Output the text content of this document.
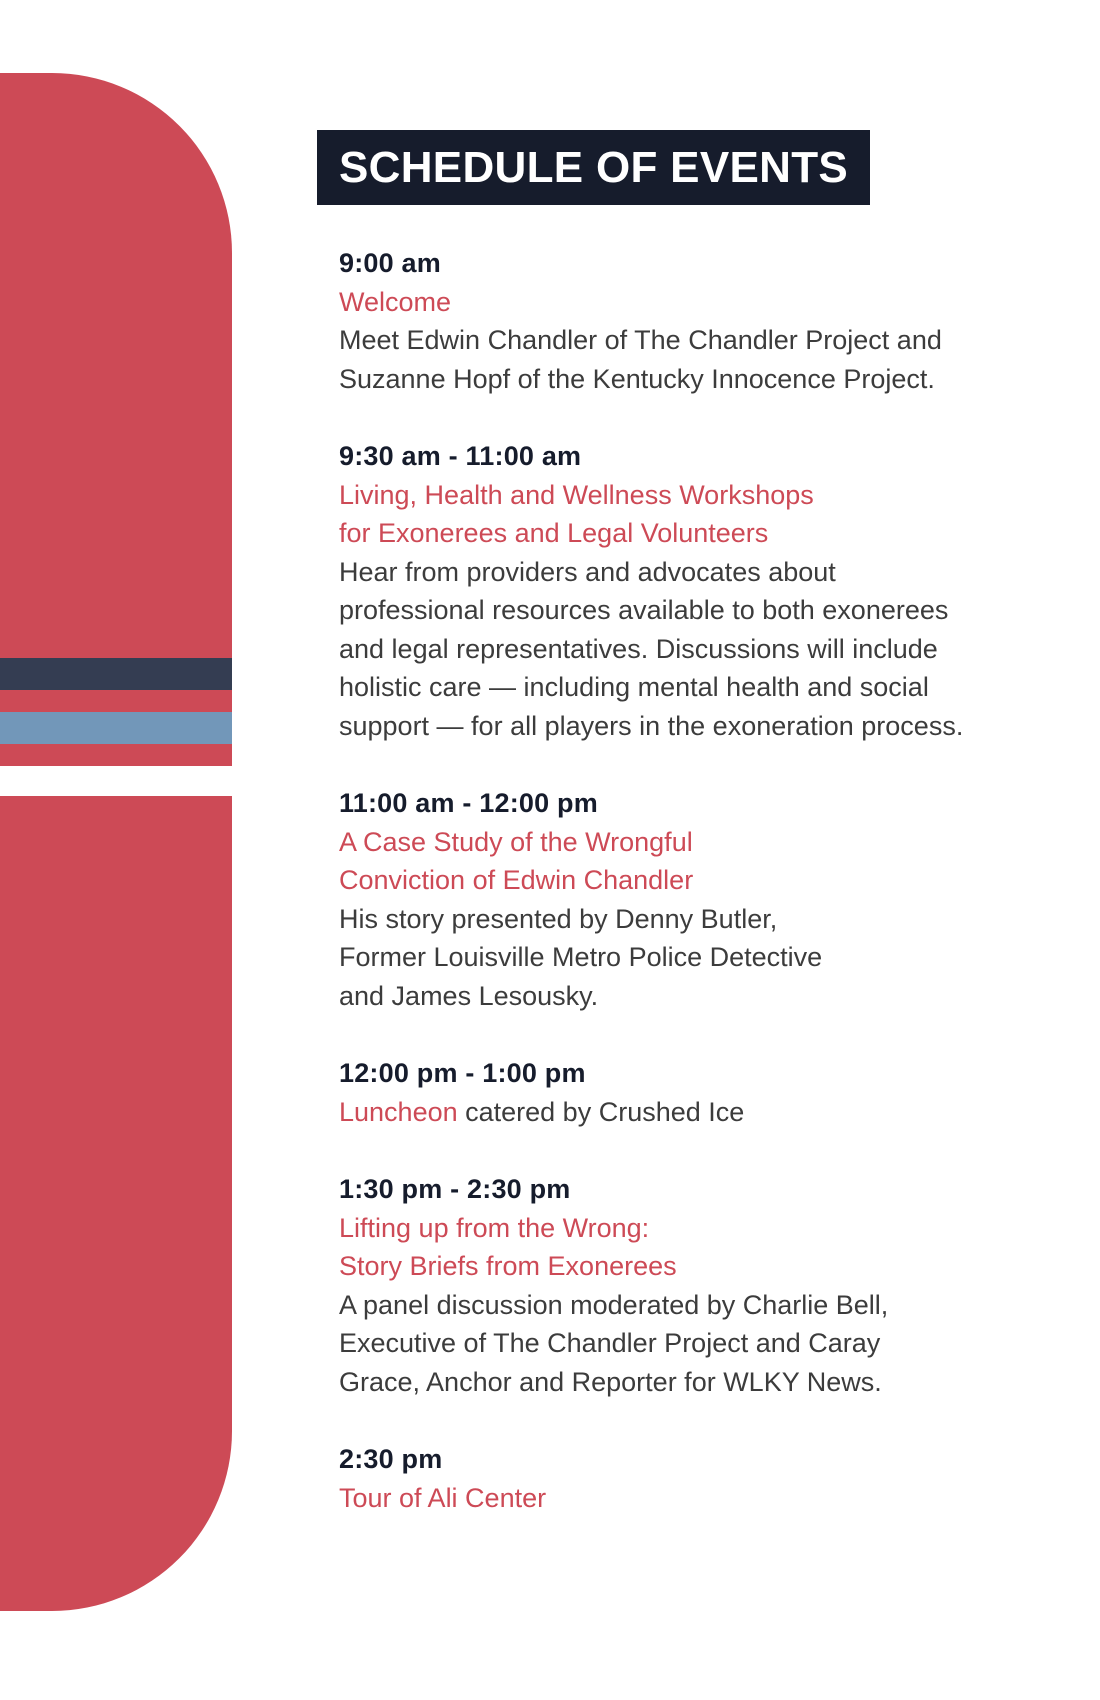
SCHEDULE OF EVENTS
9:00 am
Welcome
Meet Edwin Chandler of The Chandler Project and
Suzanne Hopf of the Kentucky Innocence Project.
9:30 am - 11:00 am
Living, Health and Wellness Workshops
for Exonerees and Legal Volunteers
Hear from providers and advocates about
professional resources available to both exonerees
and legal representatives. Discussions will include
holistic care — including mental health and social
support — for all players in the exoneration process.
11:00 am - 12:00 pm
A Case Study of the Wrongful
Conviction of Edwin Chandler
His story presented by Denny Butler,
Former Louisville Metro Police Detective
and James Lesousky.
12:00 pm - 1:00 pm
Luncheon catered by Crushed Ice
1:30 pm - 2:30 pm
Lifting up from the Wrong:
Story Briefs from Exonerees
A panel discussion moderated by Charlie Bell,
Executive of The Chandler Project and Caray
Grace, Anchor and Reporter for WLKY News.
2:30 pm
Tour of Ali Center
